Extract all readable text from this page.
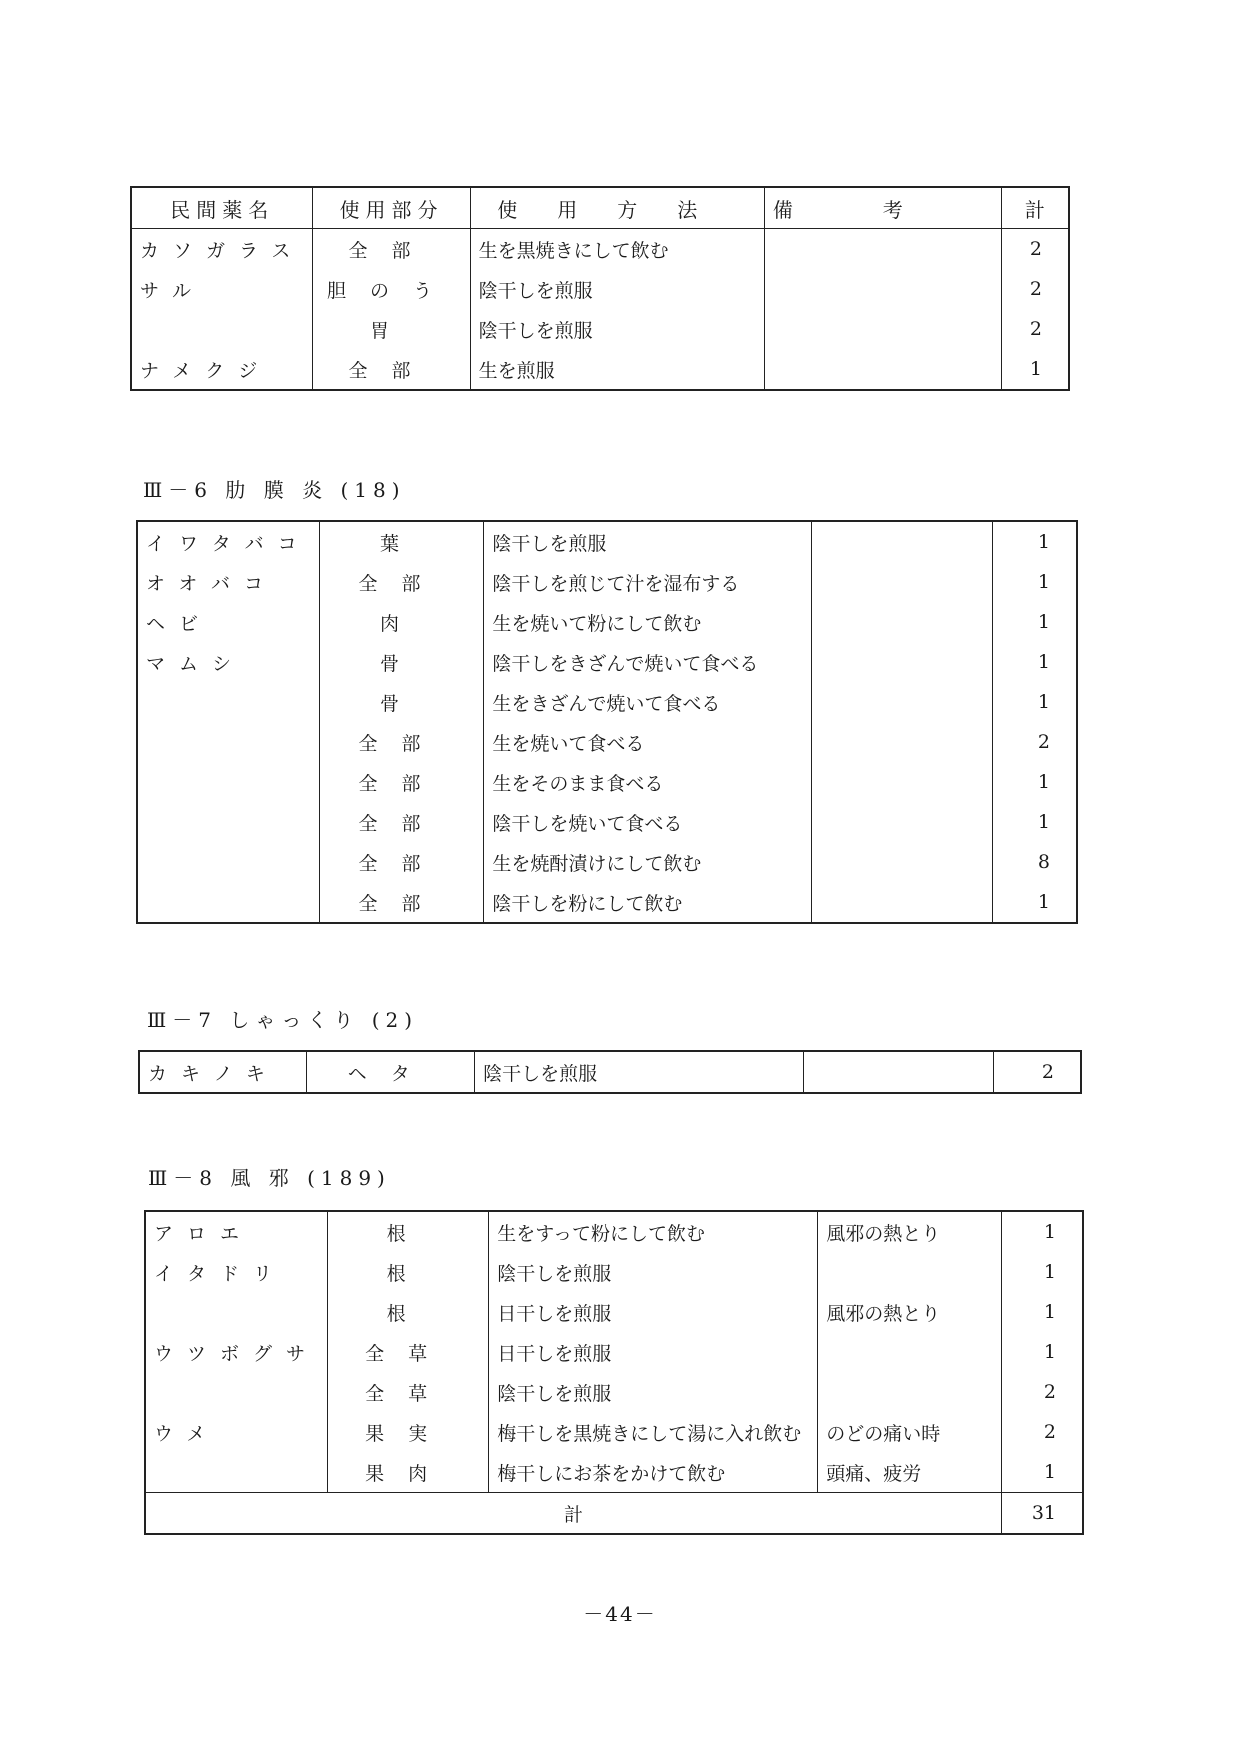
民間薬名	使用部分	使用方法	備考	計
カソガラス	全部	生を黒焼きにして飲む		2
サル	胆のう	陰干しを煎服		2
	胃	陰干しを煎服		2
ナメクジ	全部	生を煎服		1
Ⅲ－6 肋 膜 炎 (18)
イワタバコ	葉	陰干しを煎服		1
オオバコ	全部	陰干しを煎じて汁を湿布する		1
ヘビ	肉	生を焼いて粉にして飲む		1
マムシ	骨	陰干しをきざんで焼いて食べる		1
	骨	生をきざんで焼いて食べる		1
	全部	生を焼いて食べる		2
	全部	生をそのまま食べる		1
	全部	陰干しを焼いて食べる		1
	全部	生を焼酎漬けにして飲む		8
	全部	陰干しを粉にして飲む		1
Ⅲ－7 しゃっくり (2)
カキノキ	ヘタ	陰干しを煎服		2
Ⅲ－8 風 邪 (189)
アロエ	根	生をすって粉にして飲む	風邪の熱とり	1
イタドリ	根	陰干しを煎服		1
	根	日干しを煎服	風邪の熱とり	1
ウツボグサ	全草	日干しを煎服		1
	全草	陰干しを煎服		2
ウメ	果実	梅干しを黒焼きにして湯に入れ飲む	のどの痛い時	2
	果肉	梅干しにお茶をかけて飲む	頭痛、疲労	1
計				31
－44－
